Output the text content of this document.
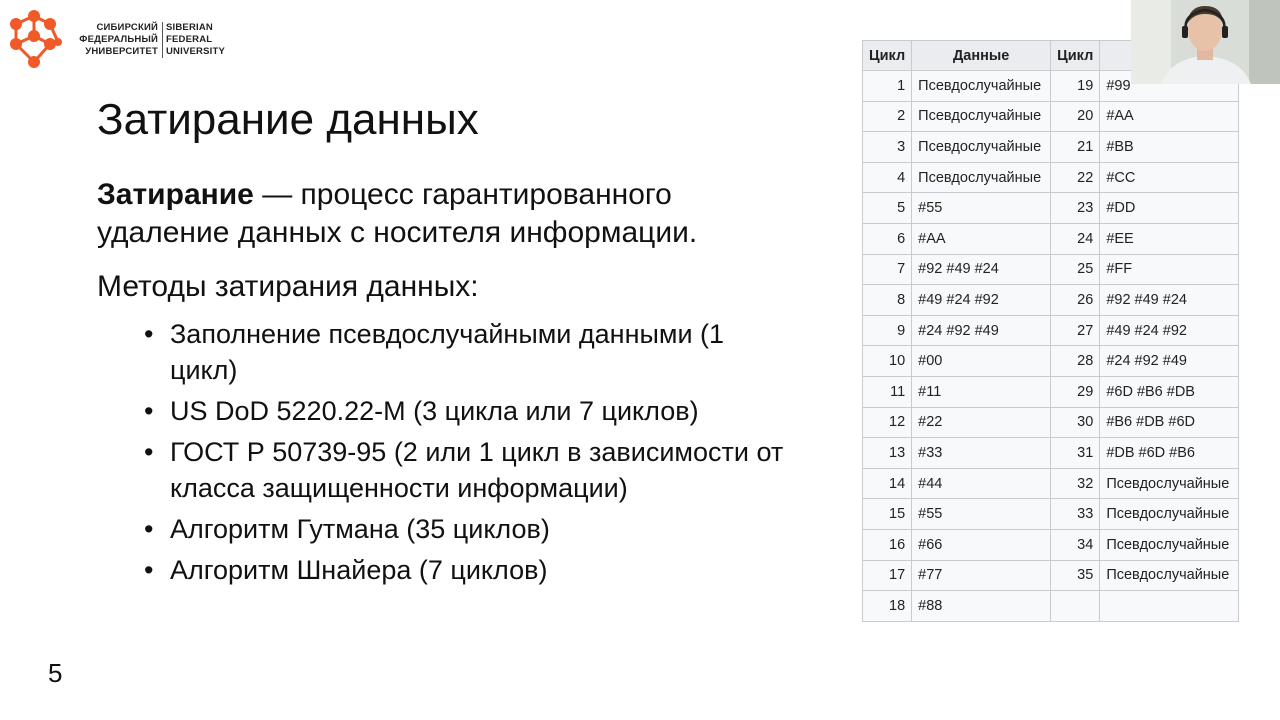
СИБИРСКИЙ
ФЕДЕРАЛЬНЫЙ
УНИВЕРСИТЕТ
SIBERIAN
FEDERAL
UNIVERSITY
Затирание данных

Затирание — процесс гарантированного удаление данных с носителя информации.

Методы затирания данных:

• Заполнение псевдослучайными данными (1 цикл)
• US DoD 5220.22-M (3 цикла или 7 циклов)
• ГОСТ Р 50739-95 (2 или 1 цикл в зависимости от класса защищенности информации)
• Алгоритм Гутмана (35 циклов)
• Алгоритм Шнайера (7 циклов)
5
Цикл	Данные	Цикл	
1	Псевдослучайные	19	#99
2	Псевдослучайные	20	#AA
3	Псевдослучайные	21	#BB
4	Псевдослучайные	22	#CC
5	#55	23	#DD
6	#AA	24	#EE
7	#92 #49 #24	25	#FF
8	#49 #24 #92	26	#92 #49 #24
9	#24 #92 #49	27	#49 #24 #92
10	#00	28	#24 #92 #49
11	#11	29	#6D #B6 #DB
12	#22	30	#B6 #DB #6D
13	#33	31	#DB #6D #B6
14	#44	32	Псевдослучайные
15	#55	33	Псевдослучайные
16	#66	34	Псевдослучайные
17	#77	35	Псевдослучайные
18	#88		
